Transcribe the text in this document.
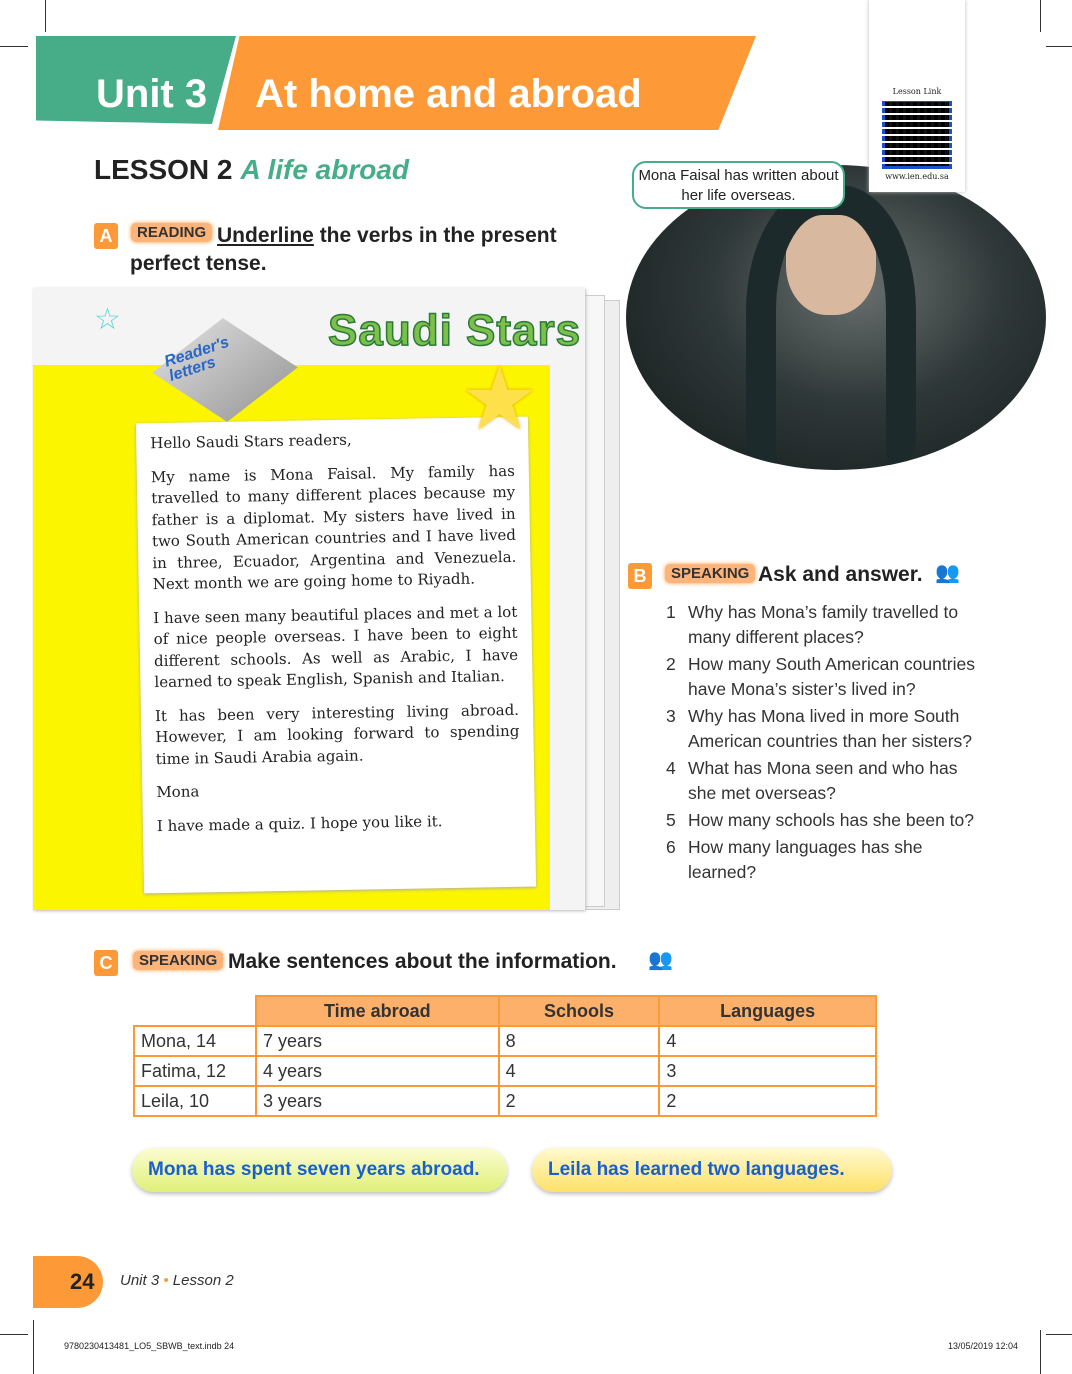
Unit 3 At home and abroad
LESSON 2 A life abroad
A	READING Underline the verbs in the present perfect tense.
☆
Reader's letters
Saudi Stars

Hello Saudi Stars readers,

My name is Mona Faisal. My family has travelled to many different places because my father is a diplomat. My sisters have lived in two South American countries and I have lived in three, Ecuador, Argentina and Venezuela. Next month we are going home to Riyadh.

I have seen many beautiful places and met a lot of nice people overseas. I have been to eight different schools. As well as Arabic, I have learned to speak English, Spanish and Italian.

It has been very interesting living abroad. However, I am looking forward to spending time in Saudi Arabia again.

Mona

I have made a quiz. I hope you like it.

★
Mona Faisal has written about her life overseas.
Lesson Link
www.ien.edu.sa
B	SPEAKING Ask and answer. 👥
1 Why has Mona’s family travelled to many different places?
2 How many South American countries have Mona’s sister’s lived in?
3 Why has Mona lived in more South American countries than her sisters?
4 What has Mona seen and who has she met overseas?
5 How many schools has she been to?
6 How many languages has she learned?
C	SPEAKING Make sentences about the information. 👥
	Time abroad	Schools	Languages
Mona, 14	7 years	8	4
Fatima, 12	4 years	4	3
Leila, 10	3 years	2	2
Mona has spent seven years abroad.	Leila has learned two languages.
24	Unit 3 • Lesson 2
9780230413481_LO5_SBWB_text.indb 24	13/05/2019 12:04
